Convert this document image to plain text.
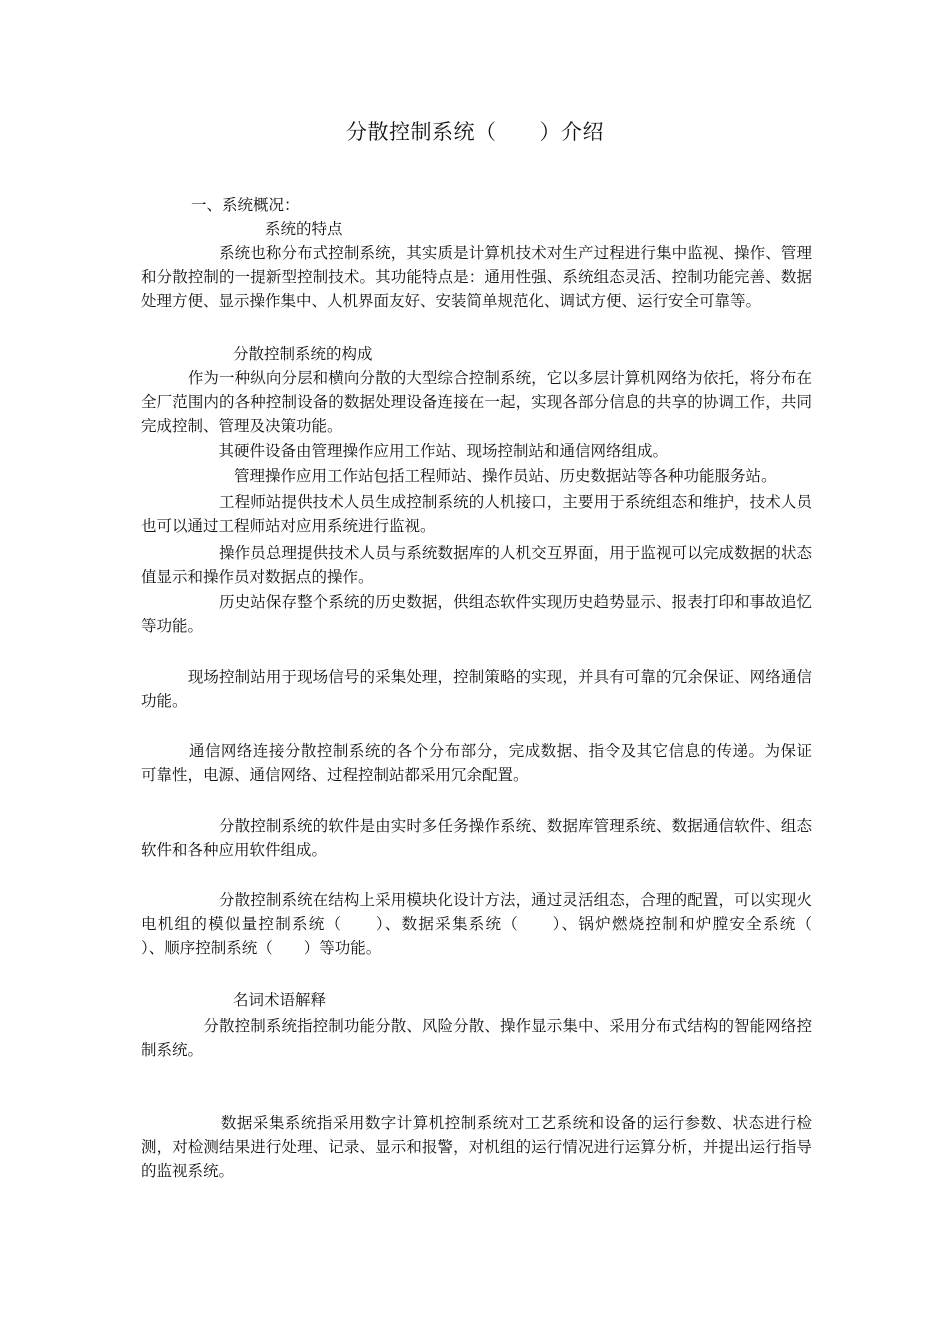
分散控制系统（　　）介绍
一、系统概况：
系统的特点
　　　　　系统也称分布式控制系统，其实质是计算机技术对生产过程进行集中监视、操作、管理和分散控制的一提新型控制技术。其功能特点是：通用性强、系统组态灵活、控制功能完善、数据处理方便、显示操作集中、人机界面友好、安装简单规范化、调试方便、运行安全可靠等。
分散控制系统的构成
　　　作为一种纵向分层和横向分散的大型综合控制系统，它以多层计算机网络为依托，将分布在全厂范围内的各种控制设备的数据处理设备连接在一起，实现各部分信息的共享的协调工作，共同完成控制、管理及决策功能。
　　　　　其硬件设备由管理操作应用工作站、现场控制站和通信网络组成。
　　　　　　管理操作应用工作站包括工程师站、操作员站、历史数据站等各种功能服务站。
　　　　　工程师站提供技术人员生成控制系统的人机接口，主要用于系统组态和维护，技术人员也可以通过工程师站对应用系统进行监视。
　　　　　操作员总理提供技术人员与系统数据库的人机交互界面，用于监视可以完成数据的状态值显示和操作员对数据点的操作。
　　　　　历史站保存整个系统的历史数据，供组态软件实现历史趋势显示、报表打印和事故追忆等功能。
　　　现场控制站用于现场信号的采集处理，控制策略的实现，并具有可靠的冗余保证、网络通信功能。
　　　通信网络连接分散控制系统的各个分布部分，完成数据、指令及其它信息的传递。为保证　　可靠性，电源、通信网络、过程控制站都采用冗余配置。
　　　　　分散控制系统的软件是由实时多任务操作系统、数据库管理系统、数据通信软件、组态软件和各种应用软件组成。
　　　　　分散控制系统在结构上采用模块化设计方法，通过灵活组态，合理的配置，可以实现火电机组的模似量控制系统（　　）、数据采集系统（　　）、锅炉燃烧控制和炉膛安全系统（　　）、顺序控制系统（　　）等功能。
名词术语解释
　　　　分散控制系统指控制功能分散、风险分散、操作显示集中、采用分布式结构的智能网络控制系统。
　　　　　数据采集系统指采用数字计算机控制系统对工艺系统和设备的运行参数、状态进行检测，对检测结果进行处理、记录、显示和报警，对机组的运行情况进行运算分析，并提出运行指导的监视系统。
